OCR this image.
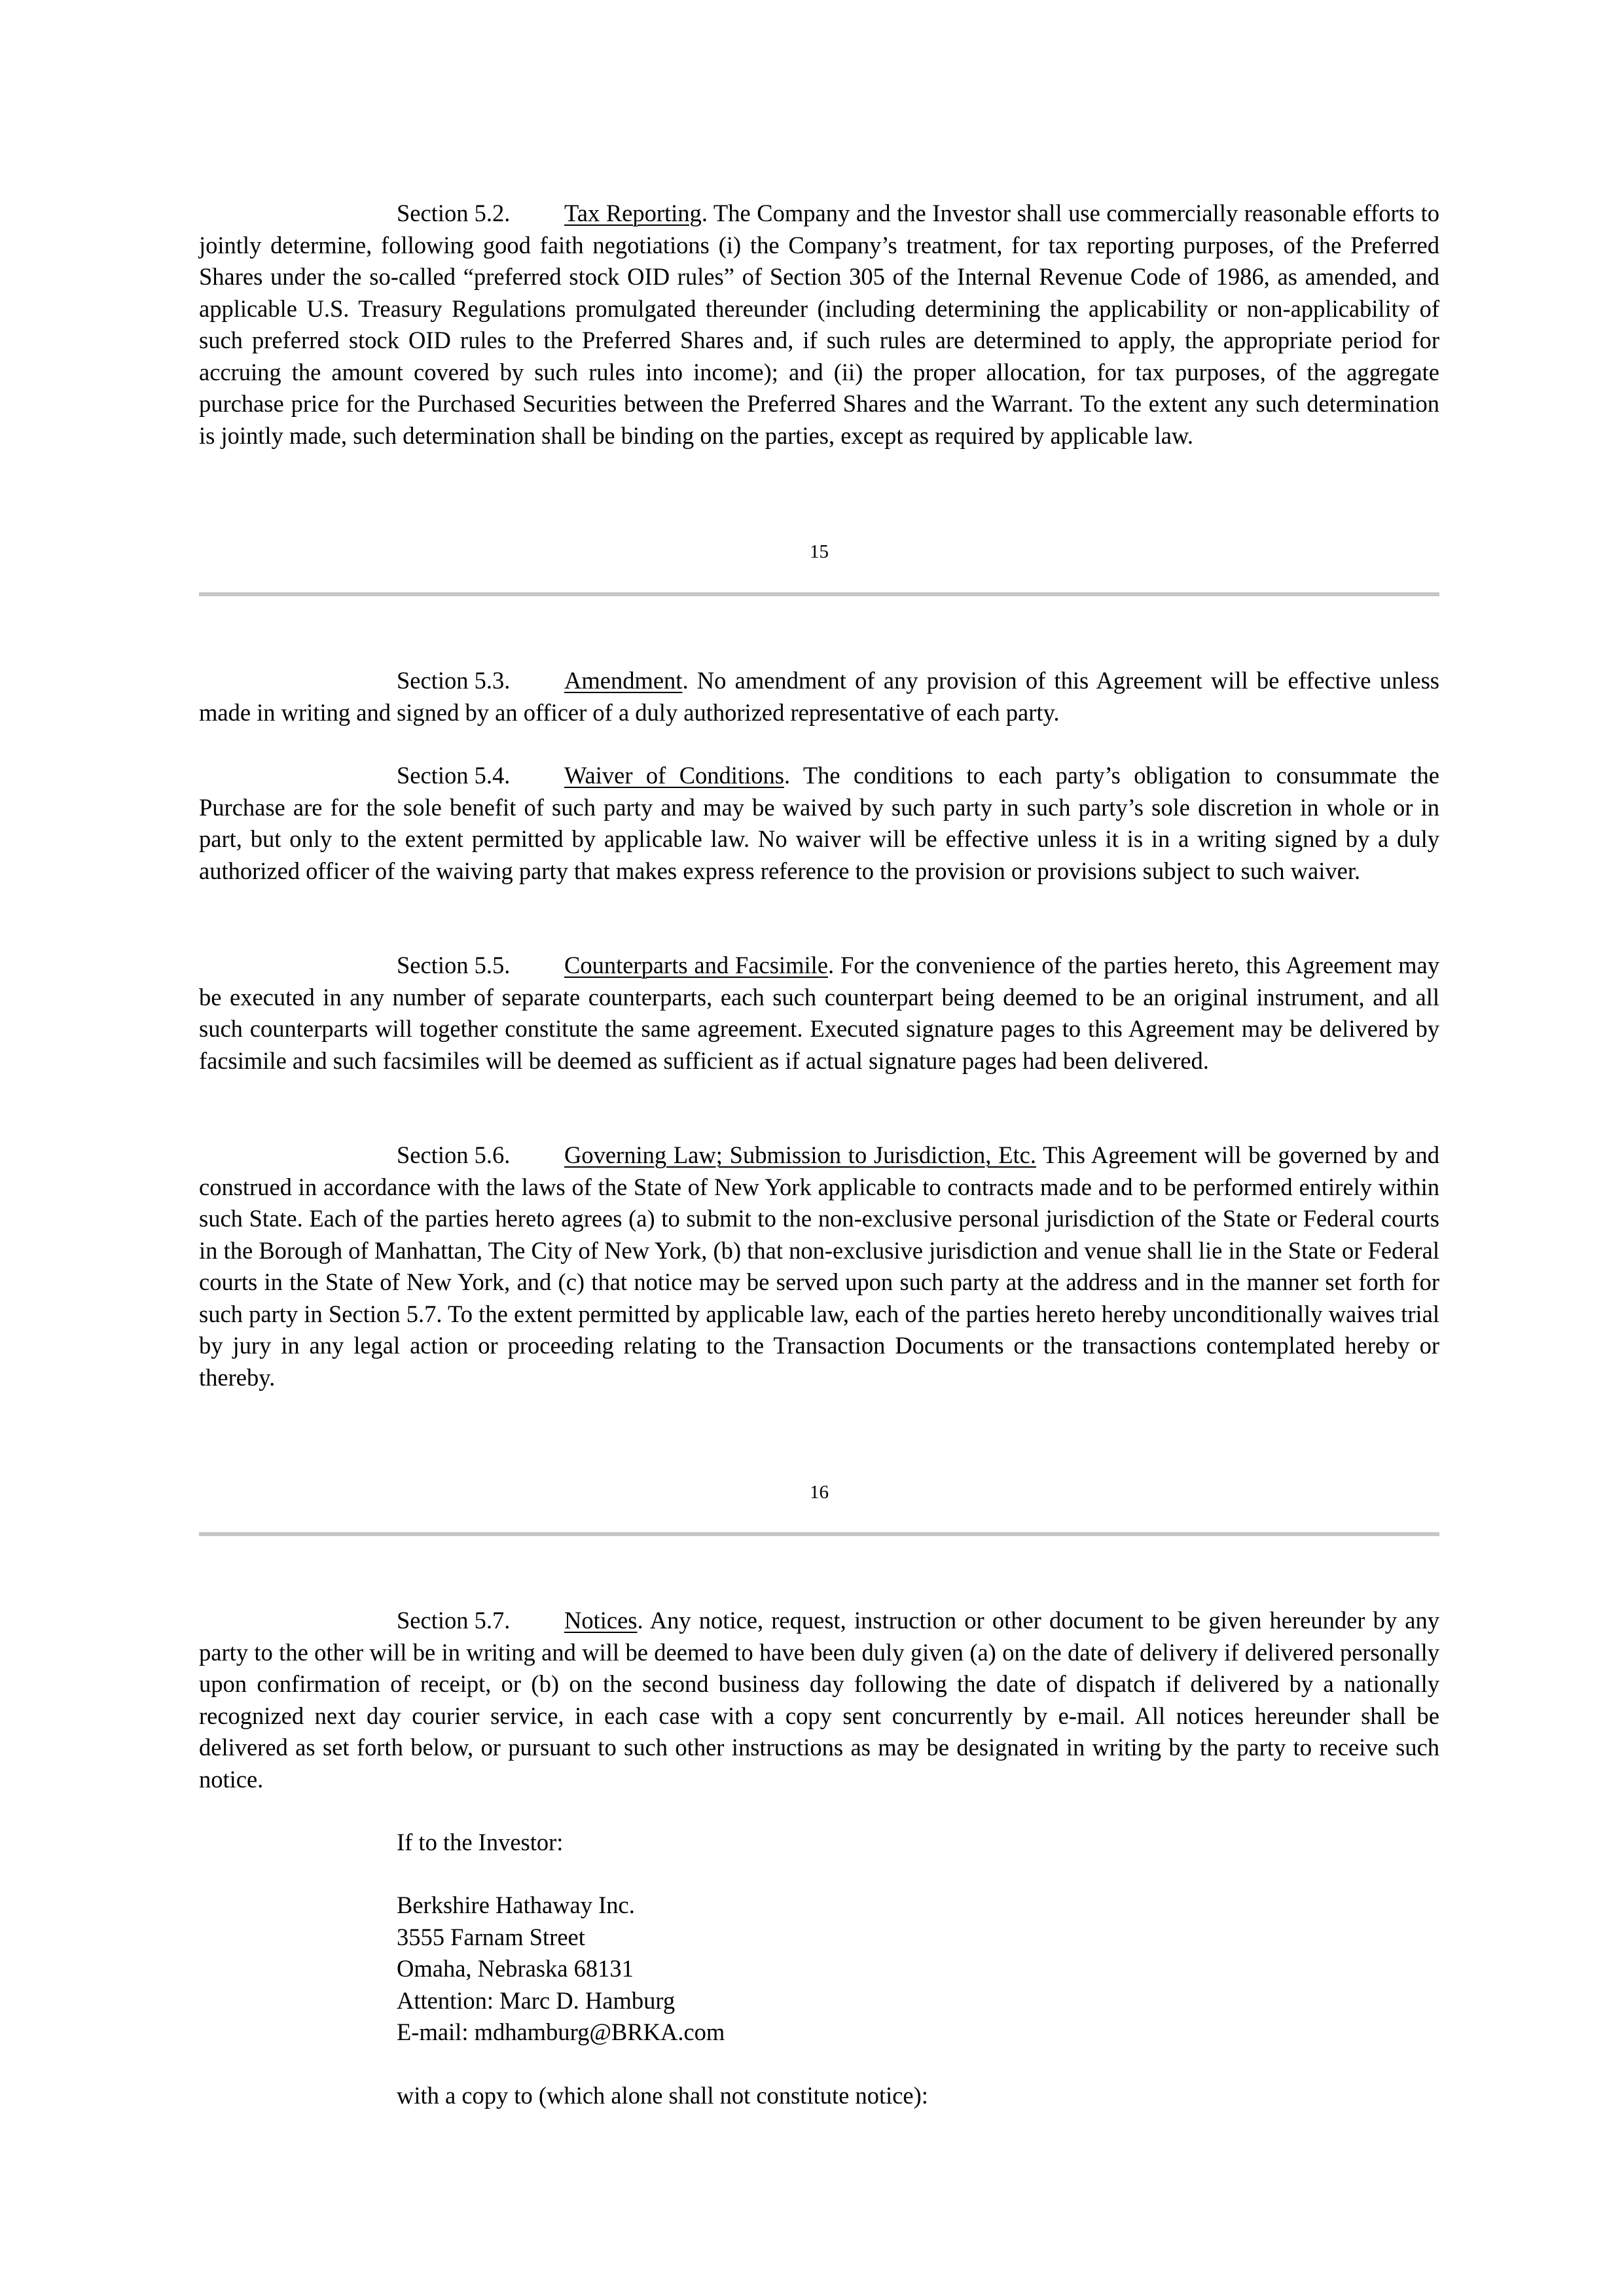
Section 5.2. Tax Reporting. The Company and the Investor shall use commercially reasonable efforts to jointly determine, following good faith negotiations (i) the Company’s treatment, for tax reporting purposes, of the Preferred Shares under the so-called “preferred stock OID rules” of Section 305 of the Internal Revenue Code of 1986, as amended, and applicable U.S. Treasury Regulations promulgated thereunder (including determining the applicability or non-applicability of such preferred stock OID rules to the Preferred Shares and, if such rules are determined to apply, the appropriate period for accruing the amount covered by such rules into income); and (ii) the proper allocation, for tax purposes, of the aggregate purchase price for the Purchased Securities between the Preferred Shares and the Warrant. To the extent any such determination is jointly made, such determination shall be binding on the parties, except as required by applicable law.

15

Section 5.3. Amendment. No amendment of any provision of this Agreement will be effective unless made in writing and signed by an officer of a duly authorized representative of each party.

Section 5.4. Waiver of Conditions. The conditions to each party’s obligation to consummate the Purchase are for the sole benefit of such party and may be waived by such party in such party’s sole discretion in whole or in part, but only to the extent permitted by applicable law. No waiver will be effective unless it is in a writing signed by a duly authorized officer of the waiving party that makes express reference to the provision or provisions subject to such waiver.

Section 5.5. Counterparts and Facsimile. For the convenience of the parties hereto, this Agreement may be executed in any number of separate counterparts, each such counterpart being deemed to be an original instrument, and all such counterparts will together constitute the same agreement. Executed signature pages to this Agreement may be delivered by facsimile and such facsimiles will be deemed as sufficient as if actual signature pages had been delivered.

Section 5.6. Governing Law; Submission to Jurisdiction, Etc. This Agreement will be governed by and construed in accordance with the laws of the State of New York applicable to contracts made and to be performed entirely within such State. Each of the parties hereto agrees (a) to submit to the non-exclusive personal jurisdiction of the State or Federal courts in the Borough of Manhattan, The City of New York, (b) that non-exclusive jurisdiction and venue shall lie in the State or Federal courts in the State of New York, and (c) that notice may be served upon such party at the address and in the manner set forth for such party in Section 5.7. To the extent permitted by applicable law, each of the parties hereto hereby unconditionally waives trial by jury in any legal action or proceeding relating to the Transaction Documents or the transactions contemplated hereby or thereby.

16

Section 5.7. Notices. Any notice, request, instruction or other document to be given hereunder by any party to the other will be in writing and will be deemed to have been duly given (a) on the date of delivery if delivered personally upon confirmation of receipt, or (b) on the second business day following the date of dispatch if delivered by a nationally recognized next day courier service, in each case with a copy sent concurrently by e-mail. All notices hereunder shall be delivered as set forth below, or pursuant to such other instructions as may be designated in writing by the party to receive such notice.

If to the Investor:
Berkshire Hathaway Inc.
3555 Farnam Street
Omaha, Nebraska 68131
Attention: Marc D. Hamburg
E-mail: mdhamburg@BRKA.com
with a copy to (which alone shall not constitute notice):
